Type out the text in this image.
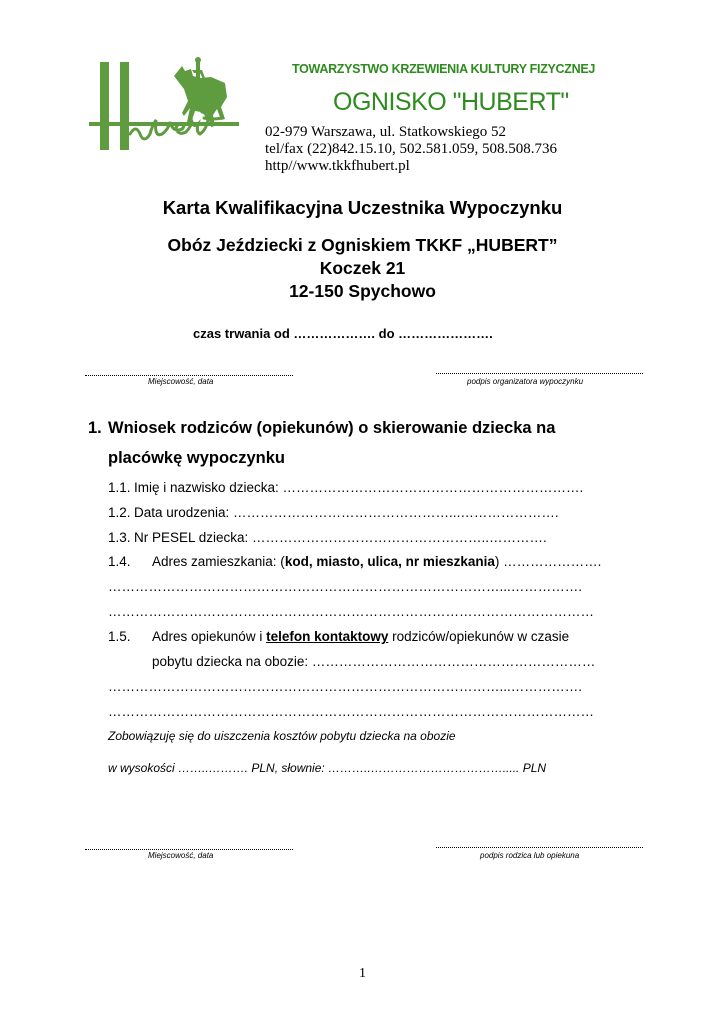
TOWARZYSTWO KRZEWIENIA KULTURY FIZYCZNEJ
OGNISKO "HUBERT"
02-979 Warszawa, ul. Statkowskiego 52
tel/fax (22)842.15.10, 502.581.059, 508.508.736
http//www.tkkfhubert.pl
Karta Kwalifikacyjna Uczestnika Wypoczynku
Obóz Jeździecki z Ogniskiem TKKF „HUBERT”
Koczek 21
12-150 Spychowo
czas trwania od ………………. do ………………….
Miejscowość, data	podpis organizatora wypoczynku
1. Wniosek rodziców (opiekunów) o skierowanie dziecka na
placówkę wypoczynku
1.1. Imię i nazwisko dziecka: ………………………………………………………….
1.2. Data urodzenia: …………………………………………...………………….
1.3. Nr PESEL dziecka: ……………………………………………..………….
1.4. Adres zamieszkania: (kod, miasto, ulica, nr mieszkania) ………………….
……………………………………………………………………………...…………….
………………………………………………………………………………………………
1.5. Adres opiekunów i telefon kontaktowy rodziców/opiekunów w czasie
pobytu dziecka na obozie: ………………………………………………………
……………………………………………………………………………...…………….
………………………………………………………………………………………………
Zobowiązuję się do uiszczenia kosztów pobytu dziecka na obozie
w wysokości ……..………. PLN, słownie: ………..……………………………..... PLN
Miejscowość, data	podpis rodzica lub opiekuna
1
